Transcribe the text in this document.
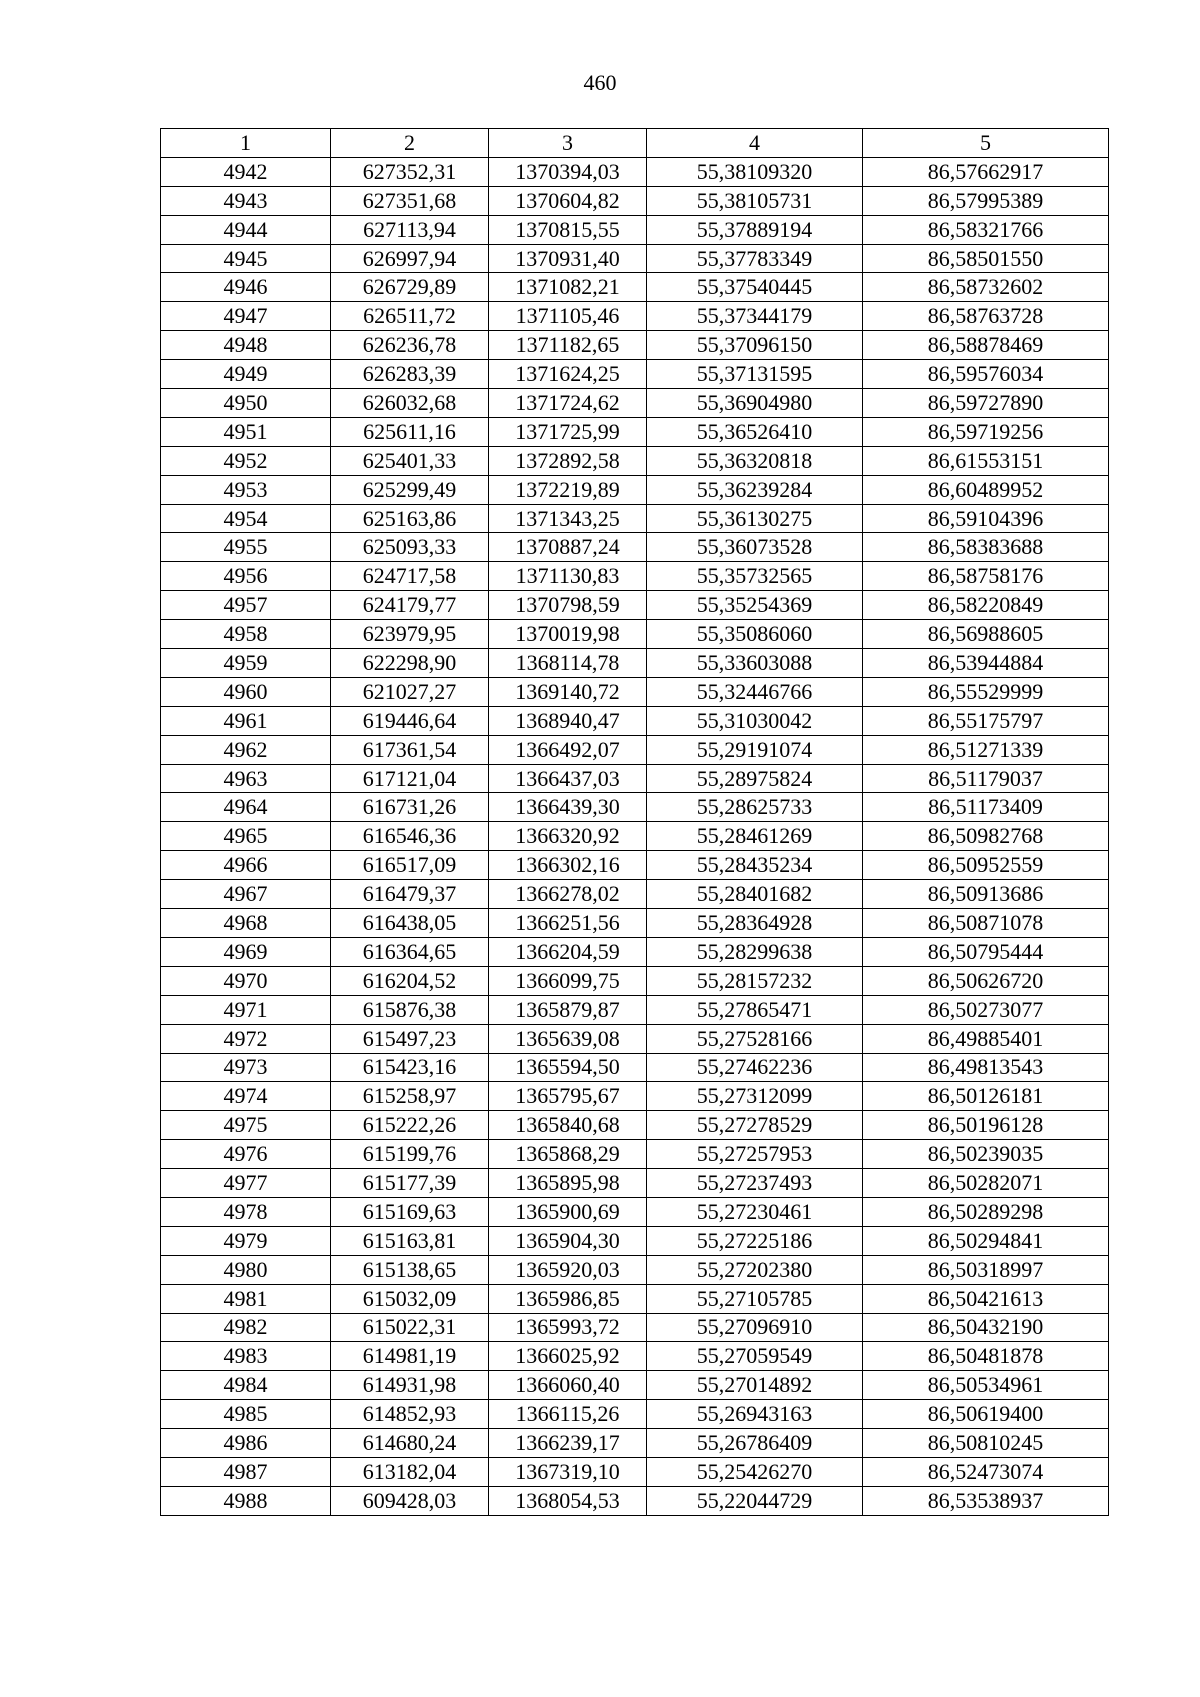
460
1	2	3	4	5
4942	627352,31	1370394,03	55,38109320	86,57662917
4943	627351,68	1370604,82	55,38105731	86,57995389
4944	627113,94	1370815,55	55,37889194	86,58321766
4945	626997,94	1370931,40	55,37783349	86,58501550
4946	626729,89	1371082,21	55,37540445	86,58732602
4947	626511,72	1371105,46	55,37344179	86,58763728
4948	626236,78	1371182,65	55,37096150	86,58878469
4949	626283,39	1371624,25	55,37131595	86,59576034
4950	626032,68	1371724,62	55,36904980	86,59727890
4951	625611,16	1371725,99	55,36526410	86,59719256
4952	625401,33	1372892,58	55,36320818	86,61553151
4953	625299,49	1372219,89	55,36239284	86,60489952
4954	625163,86	1371343,25	55,36130275	86,59104396
4955	625093,33	1370887,24	55,36073528	86,58383688
4956	624717,58	1371130,83	55,35732565	86,58758176
4957	624179,77	1370798,59	55,35254369	86,58220849
4958	623979,95	1370019,98	55,35086060	86,56988605
4959	622298,90	1368114,78	55,33603088	86,53944884
4960	621027,27	1369140,72	55,32446766	86,55529999
4961	619446,64	1368940,47	55,31030042	86,55175797
4962	617361,54	1366492,07	55,29191074	86,51271339
4963	617121,04	1366437,03	55,28975824	86,51179037
4964	616731,26	1366439,30	55,28625733	86,51173409
4965	616546,36	1366320,92	55,28461269	86,50982768
4966	616517,09	1366302,16	55,28435234	86,50952559
4967	616479,37	1366278,02	55,28401682	86,50913686
4968	616438,05	1366251,56	55,28364928	86,50871078
4969	616364,65	1366204,59	55,28299638	86,50795444
4970	616204,52	1366099,75	55,28157232	86,50626720
4971	615876,38	1365879,87	55,27865471	86,50273077
4972	615497,23	1365639,08	55,27528166	86,49885401
4973	615423,16	1365594,50	55,27462236	86,49813543
4974	615258,97	1365795,67	55,27312099	86,50126181
4975	615222,26	1365840,68	55,27278529	86,50196128
4976	615199,76	1365868,29	55,27257953	86,50239035
4977	615177,39	1365895,98	55,27237493	86,50282071
4978	615169,63	1365900,69	55,27230461	86,50289298
4979	615163,81	1365904,30	55,27225186	86,50294841
4980	615138,65	1365920,03	55,27202380	86,50318997
4981	615032,09	1365986,85	55,27105785	86,50421613
4982	615022,31	1365993,72	55,27096910	86,50432190
4983	614981,19	1366025,92	55,27059549	86,50481878
4984	614931,98	1366060,40	55,27014892	86,50534961
4985	614852,93	1366115,26	55,26943163	86,50619400
4986	614680,24	1366239,17	55,26786409	86,50810245
4987	613182,04	1367319,10	55,25426270	86,52473074
4988	609428,03	1368054,53	55,22044729	86,53538937
